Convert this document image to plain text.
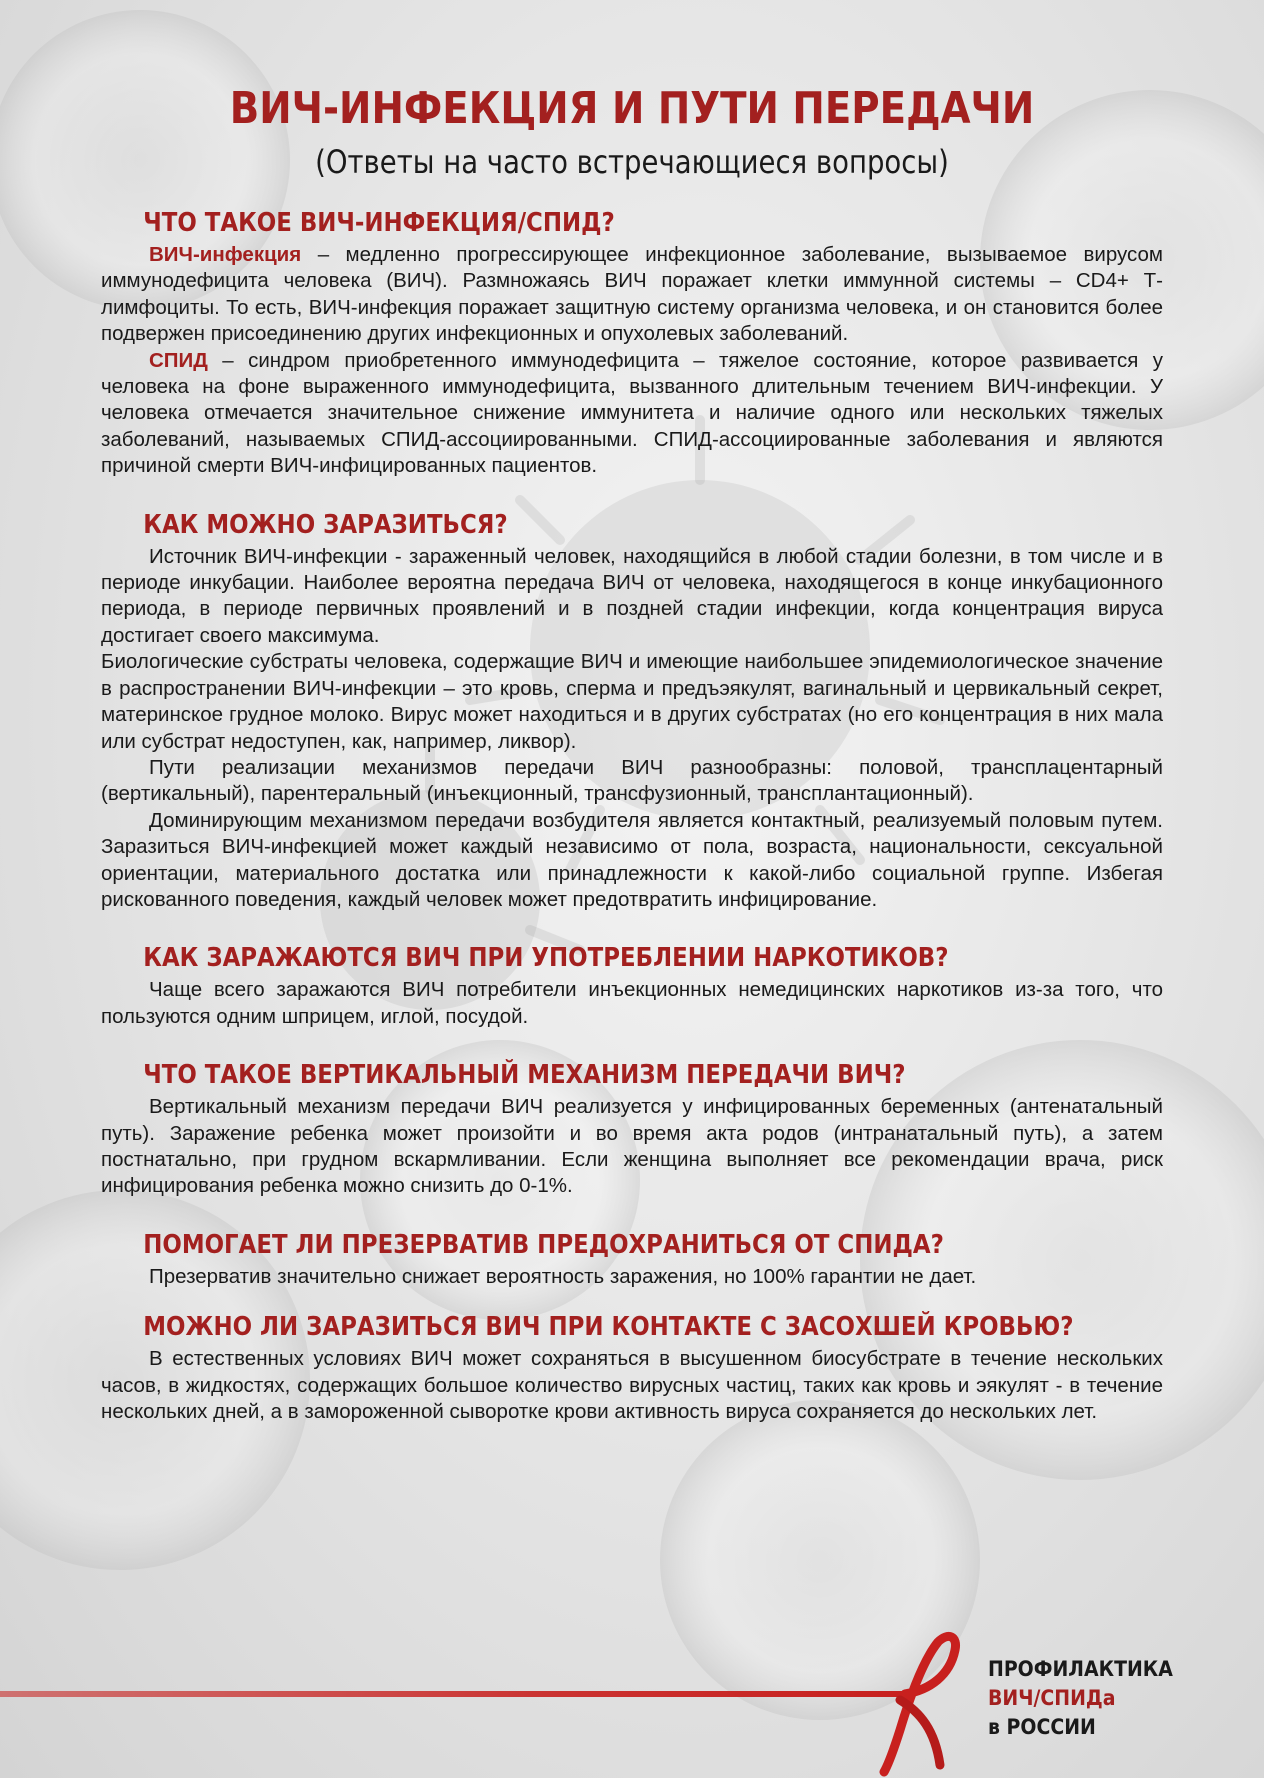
ВИЧ-ИНФЕКЦИЯ И ПУТИ ПЕРЕДАЧИ
(Ответы на часто встречающиеся вопросы)
ЧТО ТАКОЕ ВИЧ-ИНФЕКЦИЯ/СПИД?

ВИЧ-инфекция – медленно прогрессирующее инфекционное заболевание, вызываемое вирусом иммунодефицита человека (ВИЧ). Размножаясь ВИЧ поражает клетки иммунной системы – CD4+ Т-лимфоциты. То есть, ВИЧ-инфекция поражает защитную систему организма человека, и он становится более подвержен присоединению других инфекционных и опухолевых заболеваний.

СПИД – синдром приобретенного иммунодефицита – тяжелое состояние, которое развивается у человека на фоне выраженного иммунодефицита, вызванного длительным течением ВИЧ-инфекции. У человека отмечается значительное снижение иммунитета и наличие одного или нескольких тяжелых заболеваний, называемых СПИД-ассоциированными. СПИД-ассоциированные заболевания и являются причиной смерти ВИЧ-инфицированных пациентов.

КАК МОЖНО ЗАРАЗИТЬСЯ?

Источник ВИЧ-инфекции - зараженный человек, находящийся в любой стадии болезни, в том числе и в периоде инкубации. Наиболее вероятна передача ВИЧ от человека, находящегося в конце инкубационного периода, в периоде первичных проявлений и в поздней стадии инфекции, когда концентрация вируса достигает своего максимума.

Биологические субстраты человека, содержащие ВИЧ и имеющие наибольшее эпидемиологическое значение в распространении ВИЧ-инфекции – это кровь, сперма и предъэякулят, вагинальный и цервикальный секрет, материнское грудное молоко. Вирус может находиться и в других субстратах (но его концентрация в них мала или субстрат недоступен, как, например, ликвор).

Пути реализации механизмов передачи ВИЧ разнообразны: половой, трансплацентарный (вертикальный), парентеральный (инъекционный, трансфузионный, трансплантационный).

Доминирующим механизмом передачи возбудителя является контактный, реализуемый половым путем. Заразиться ВИЧ-инфекцией может каждый независимо от пола, возраста, национальности, сексуальной ориентации, материального достатка или принадлежности к какой-либо социальной группе. Избегая рискованного поведения, каждый человек может предотвратить инфицирование.

КАК ЗАРАЖАЮТСЯ ВИЧ ПРИ УПОТРЕБЛЕНИИ НАРКОТИКОВ?

Чаще всего заражаются ВИЧ потребители инъекционных немедицинских наркотиков из-за того, что пользуются одним шприцем, иглой, посудой.

ЧТО ТАКОЕ ВЕРТИКАЛЬНЫЙ МЕХАНИЗМ ПЕРЕДАЧИ ВИЧ?

Вертикальный механизм передачи ВИЧ реализуется у инфицированных беременных (антенатальный путь). Заражение ребенка может произойти и во время акта родов (интранатальный путь), а затем постнатально, при грудном вскармливании. Если женщина выполняет все рекомендации врача, риск инфицирования ребенка можно снизить до 0-1%.

ПОМОГАЕТ ЛИ ПРЕЗЕРВАТИВ ПРЕДОХРАНИТЬСЯ ОТ СПИДА?

Презерватив значительно снижает вероятность заражения, но 100% гарантии не дает.

МОЖНО ЛИ ЗАРАЗИТЬСЯ ВИЧ ПРИ КОНТАКТЕ С ЗАСОХШЕЙ КРОВЬЮ?

В естественных условиях ВИЧ может сохраняться в высушенном биосубстрате в течение нескольких часов, в жидкостях, содержащих большое количество вирусных частиц, таких как кровь и эякулят - в течение нескольких дней, а в замороженной сыворотке крови активность вируса сохраняется до нескольких лет.

ПРОФИЛАКТИКА
ВИЧ/СПИДа
в РОССИИ
